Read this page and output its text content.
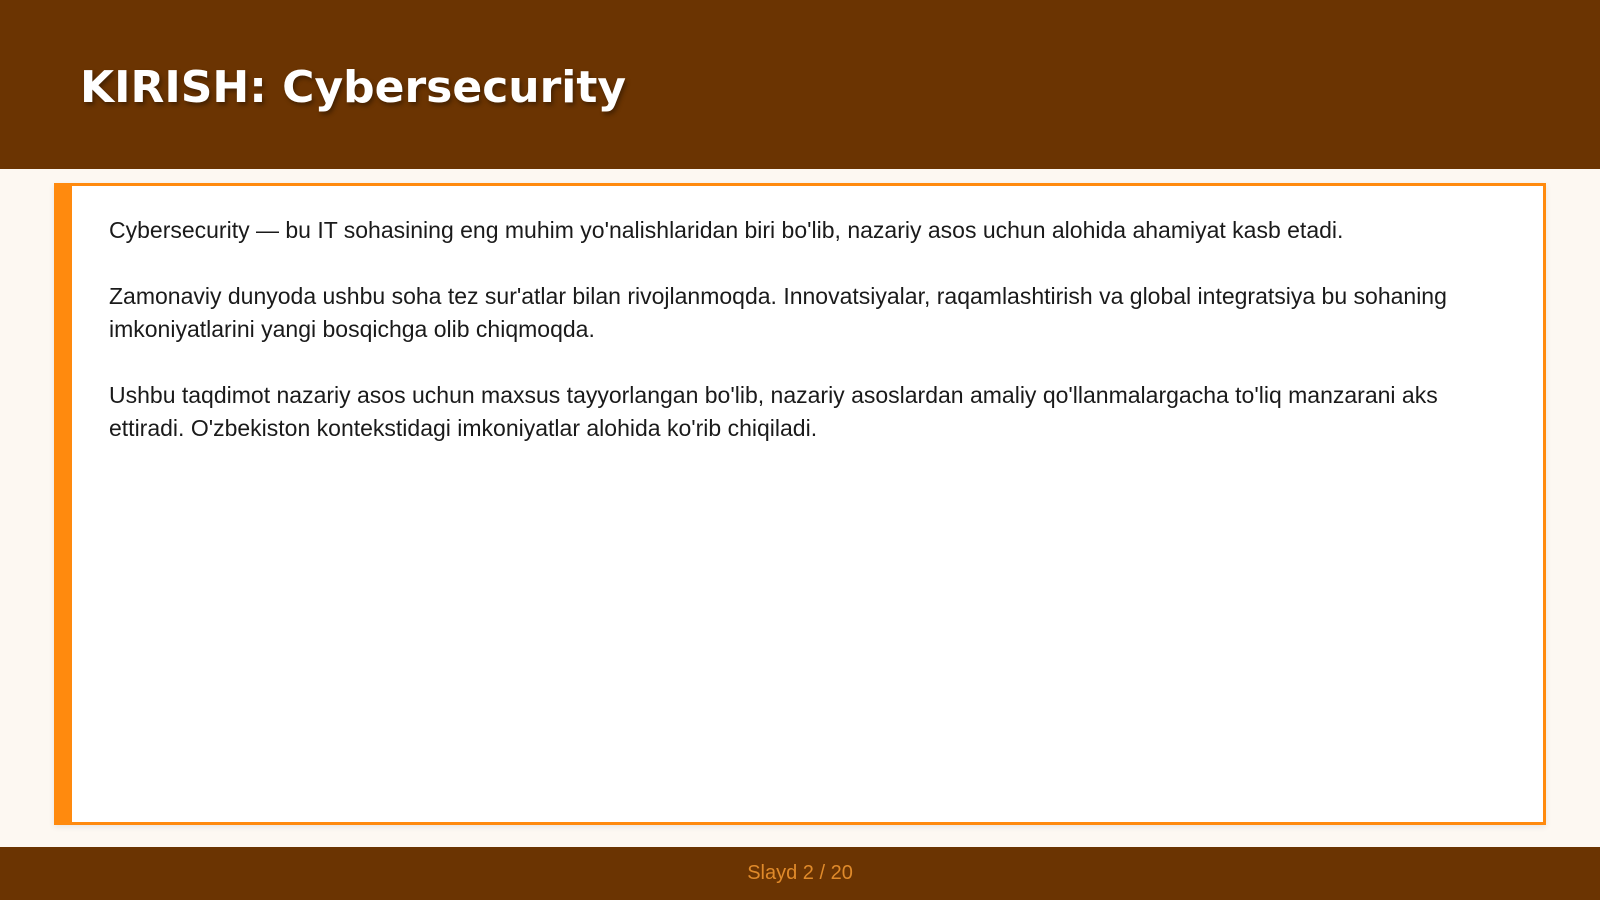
KIRISH: Cybersecurity

Cybersecurity — bu IT sohasining eng muhim yo'nalishlaridan biri bo'lib, nazariy asos uchun alohida ahamiyat kasb etadi.

Zamonaviy dunyoda ushbu soha tez sur'atlar bilan rivojlanmoqda. Innovatsiyalar, raqamlashtirish va global integratsiya bu sohaning imkoniyatlarini yangi bosqichga olib chiqmoqda.

Ushbu taqdimot nazariy asos uchun maxsus tayyorlangan bo'lib, nazariy asoslardan amaliy qo'llanmalargacha to'liq manzarani aks ettiradi. O'zbekiston kontekstidagi imkoniyatlar alohida ko'rib chiqiladi.

Slayd 2 / 20
